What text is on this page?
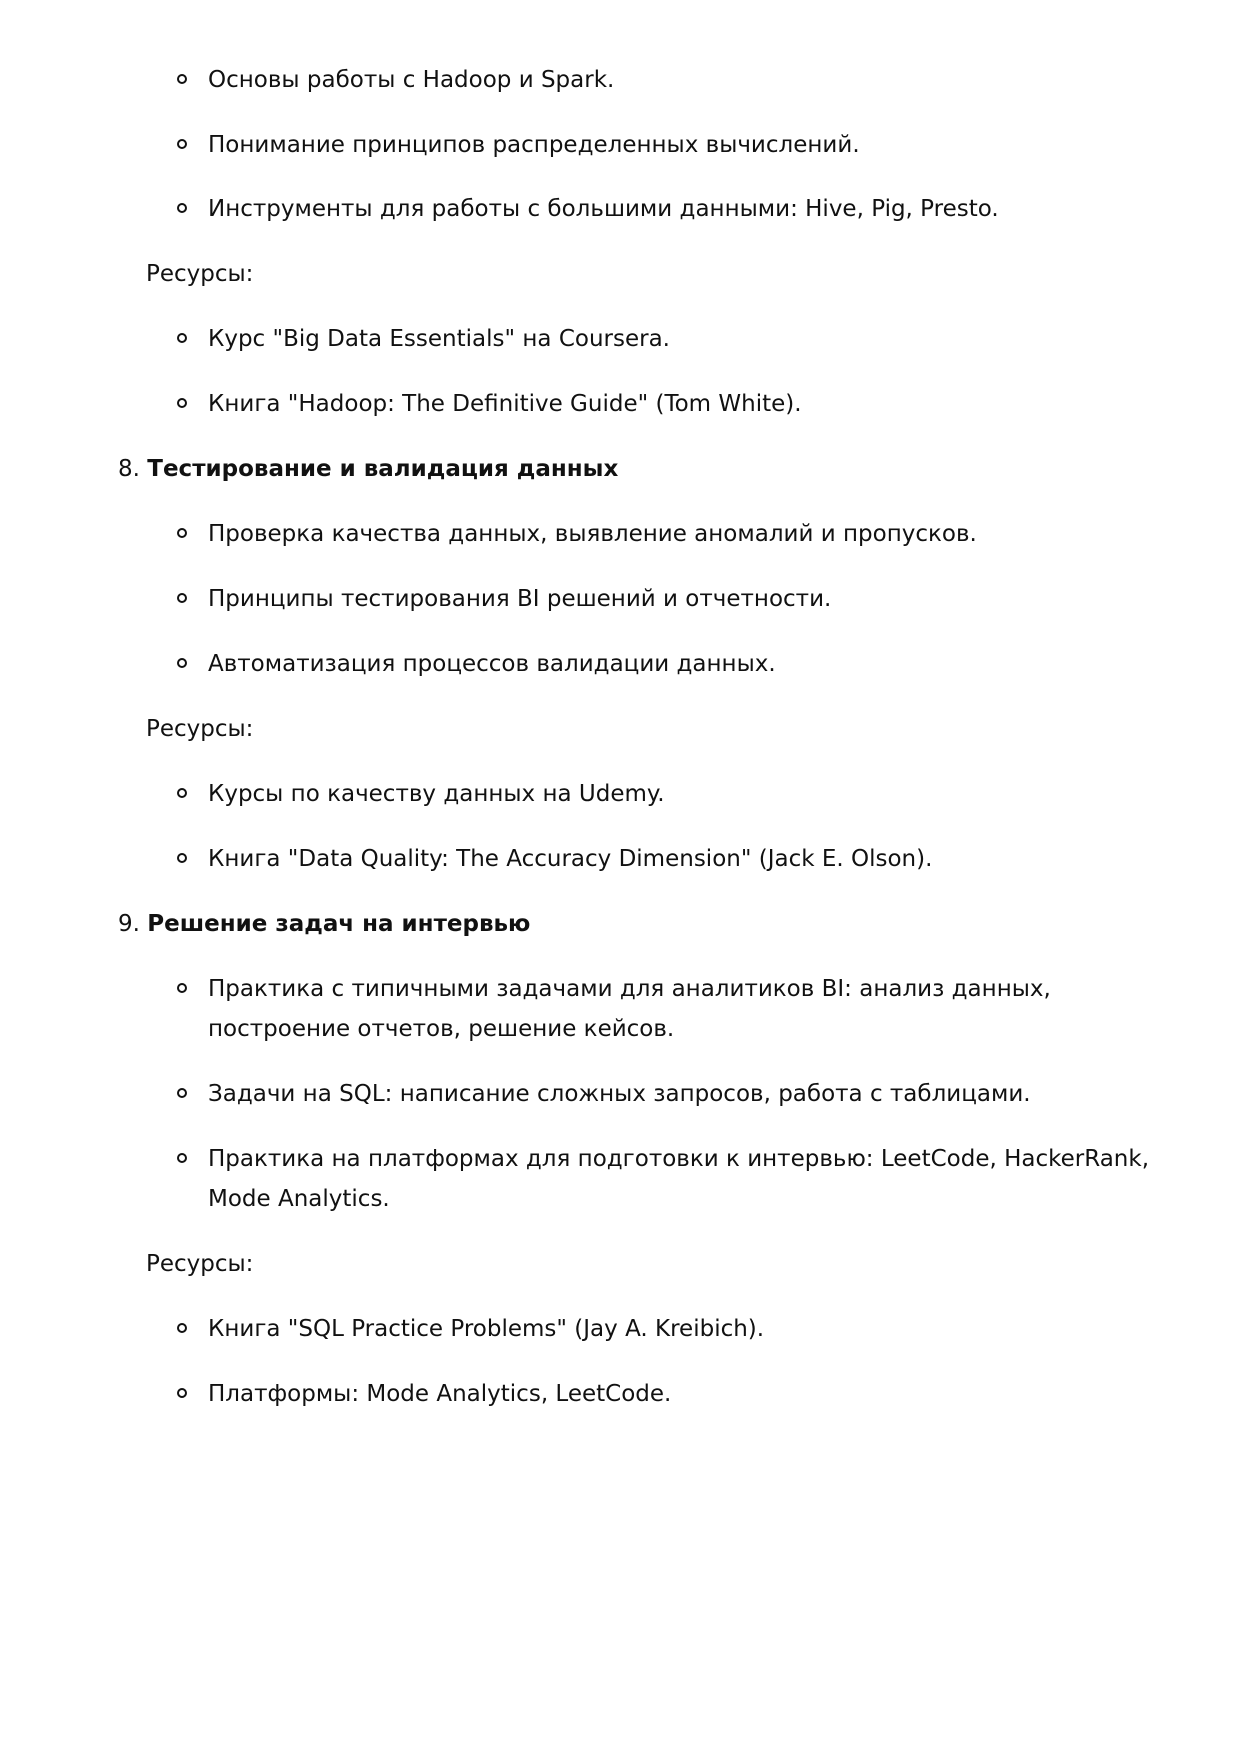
Основы работы с Hadoop и Spark.
Понимание принципов распределенных вычислений.
Инструменты для работы с большими данными: Hive, Pig, Presto.
Ресурсы:
Курс "Big Data Essentials" на Coursera.
Книга "Hadoop: The Definitive Guide" (Tom White).
8. Тестирование и валидация данных
Проверка качества данных, выявление аномалий и пропусков.
Принципы тестирования BI решений и отчетности.
Автоматизация процессов валидации данных.
Ресурсы:
Курсы по качеству данных на Udemy.
Книга "Data Quality: The Accuracy Dimension" (Jack E. Olson).
9. Решение задач на интервью
Практика с типичными задачами для аналитиков BI: анализ данных, построение отчетов, решение кейсов.
Задачи на SQL: написание сложных запросов, работа с таблицами.
Практика на платформах для подготовки к интервью: LeetCode, HackerRank, Mode Analytics.
Ресурсы:
Книга "SQL Practice Problems" (Jay A. Kreibich).
Платформы: Mode Analytics, LeetCode.
